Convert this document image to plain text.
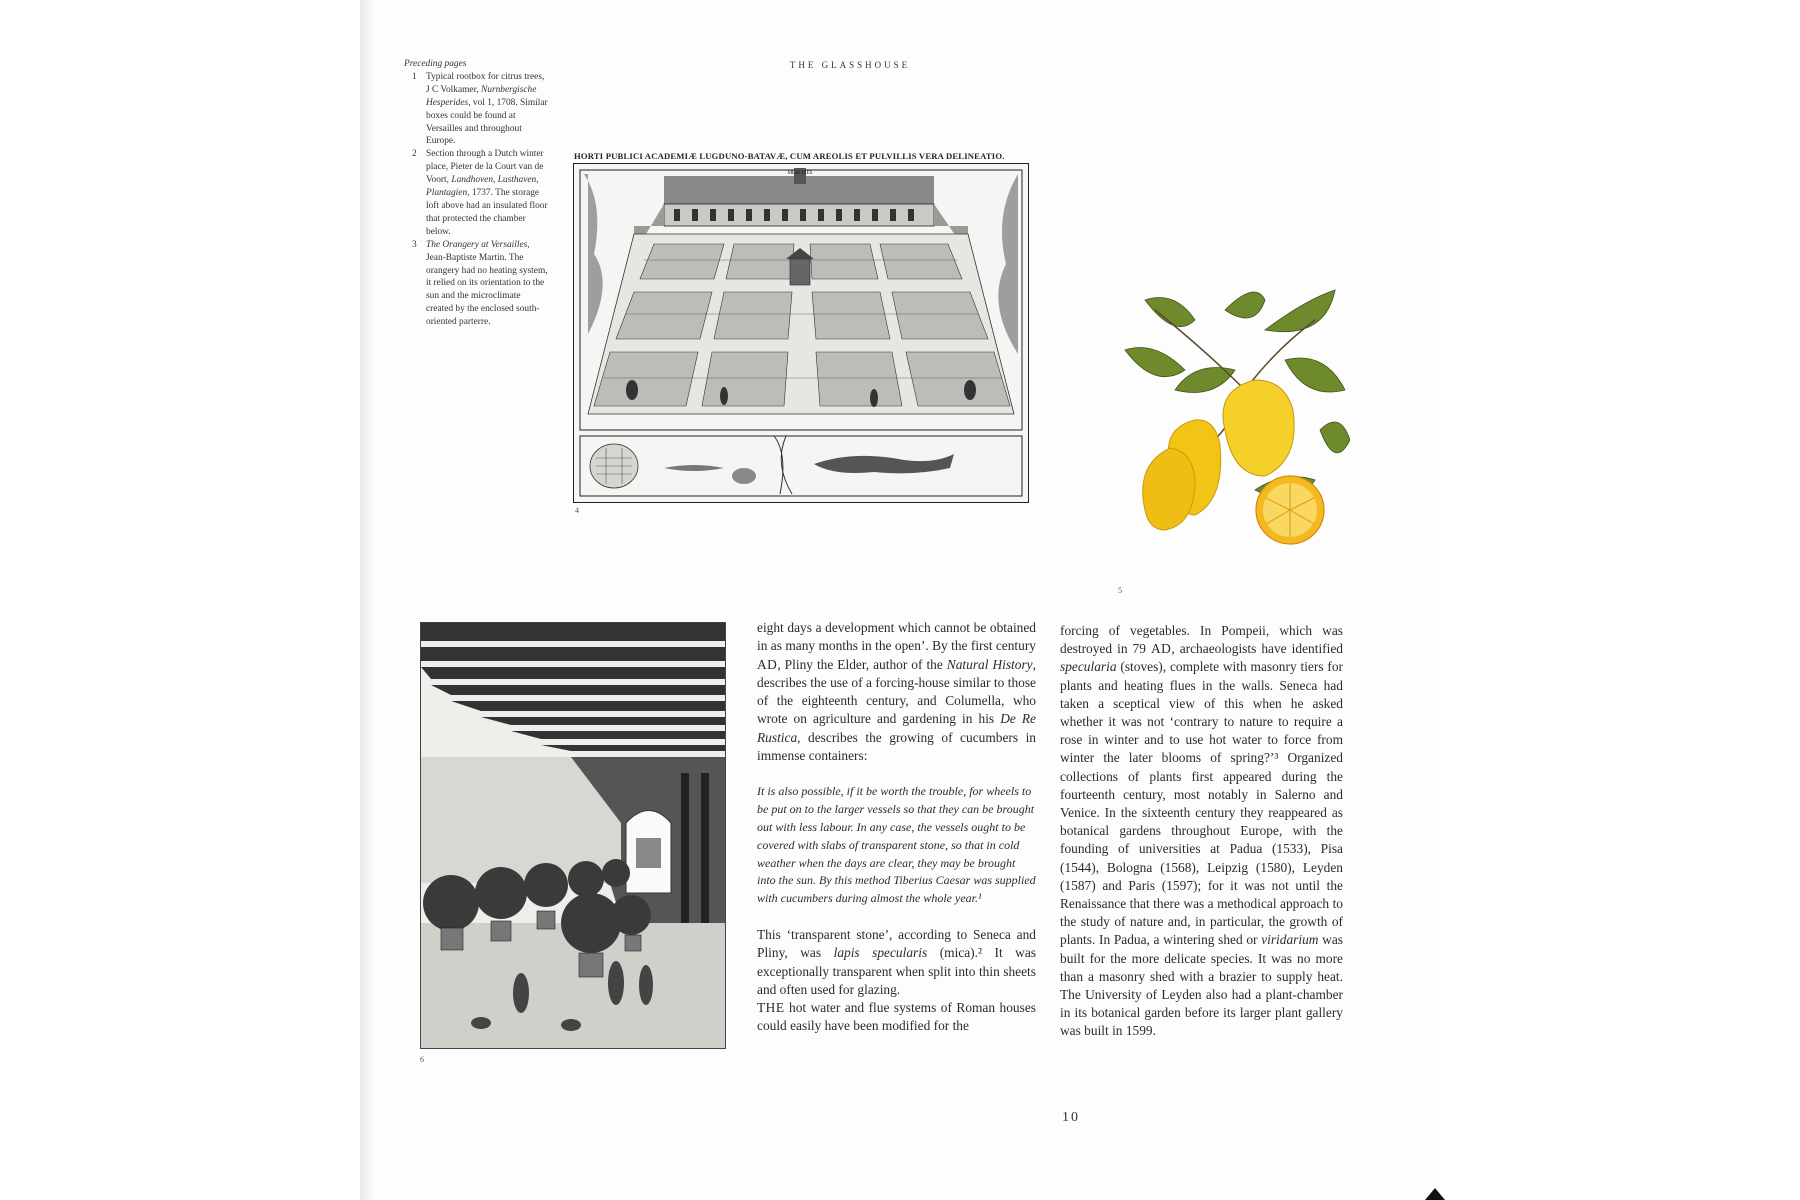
THE GLASSHOUSE
Preceding pages
1 Typical rootbox for citrus trees, J C Volkamer, Nurnbergische Hesperides, vol 1, 1708. Similar boxes could be found at Versailles and throughout Europe.
2 Section through a Dutch winter place, Pieter de la Court van de Voort, Landhoven, Lusthaven, Plantagien, 1737. The storage loft above had an insulated floor that protected the chamber below.
3 The Orangery at Versailles, Jean-Baptiste Martin. The orangery had no heating system, it relied on its orientation to the sun and the microclimate created by the enclosed south-oriented parterre.
HORTI PUBLICI ACADEMIÆ LUGDUNO-BATAVÆ, CUM AREOLIS ET PULVILLIS VERA DELINEATIO.
MERI DIES
4
5
6

eight days a development which cannot be obtained in as many months in the open’. By the first century AD, Pliny the Elder, author of the Natural History, describes the use of a forcing-house similar to those of the eighteenth century, and Columella, who wrote on agriculture and gardening in his De Re Rustica, describes the growing of cucumbers in immense containers:

It is also possible, if it be worth the trouble, for wheels to be put on to the larger vessels so that they can be brought out with less labour. In any case, the vessels ought to be covered with slabs of transparent stone, so that in cold weather when the days are clear, they may be brought into the sun. By this method Tiberius Caesar was supplied with cucumbers during almost the whole year.¹

This ‘transparent stone’, according to Seneca and Pliny, was lapis specularis (mica).² It was exceptionally transparent when split into thin sheets and often used for glazing.

THE hot water and flue systems of Roman houses could easily have been modified for the

forcing of vegetables. In Pompeii, which was destroyed in 79 AD, archaeologists have identified specularia (stoves), complete with masonry tiers for plants and heating flues in the walls. Seneca had taken a sceptical view of this when he asked whether it was not ‘contrary to nature to require a rose in winter and to use hot water to force from winter the later blooms of spring?’³ Organized collections of plants first appeared during the fourteenth century, most notably in Salerno and Venice. In the sixteenth century they reappeared as botanical gardens throughout Europe, with the founding of universities at Padua (1533), Pisa (1544), Bologna (1568), Leipzig (1580), Leyden (1587) and Paris (1597); for it was not until the Renaissance that there was a methodical approach to the study of nature and, in particular, the growth of plants. In Padua, a wintering shed or viridarium was built for the more delicate species. It was no more than a masonry shed with a brazier to supply heat. The University of Leyden also had a plant-chamber in its botanical garden before its larger plant gallery was built in 1599.

10
